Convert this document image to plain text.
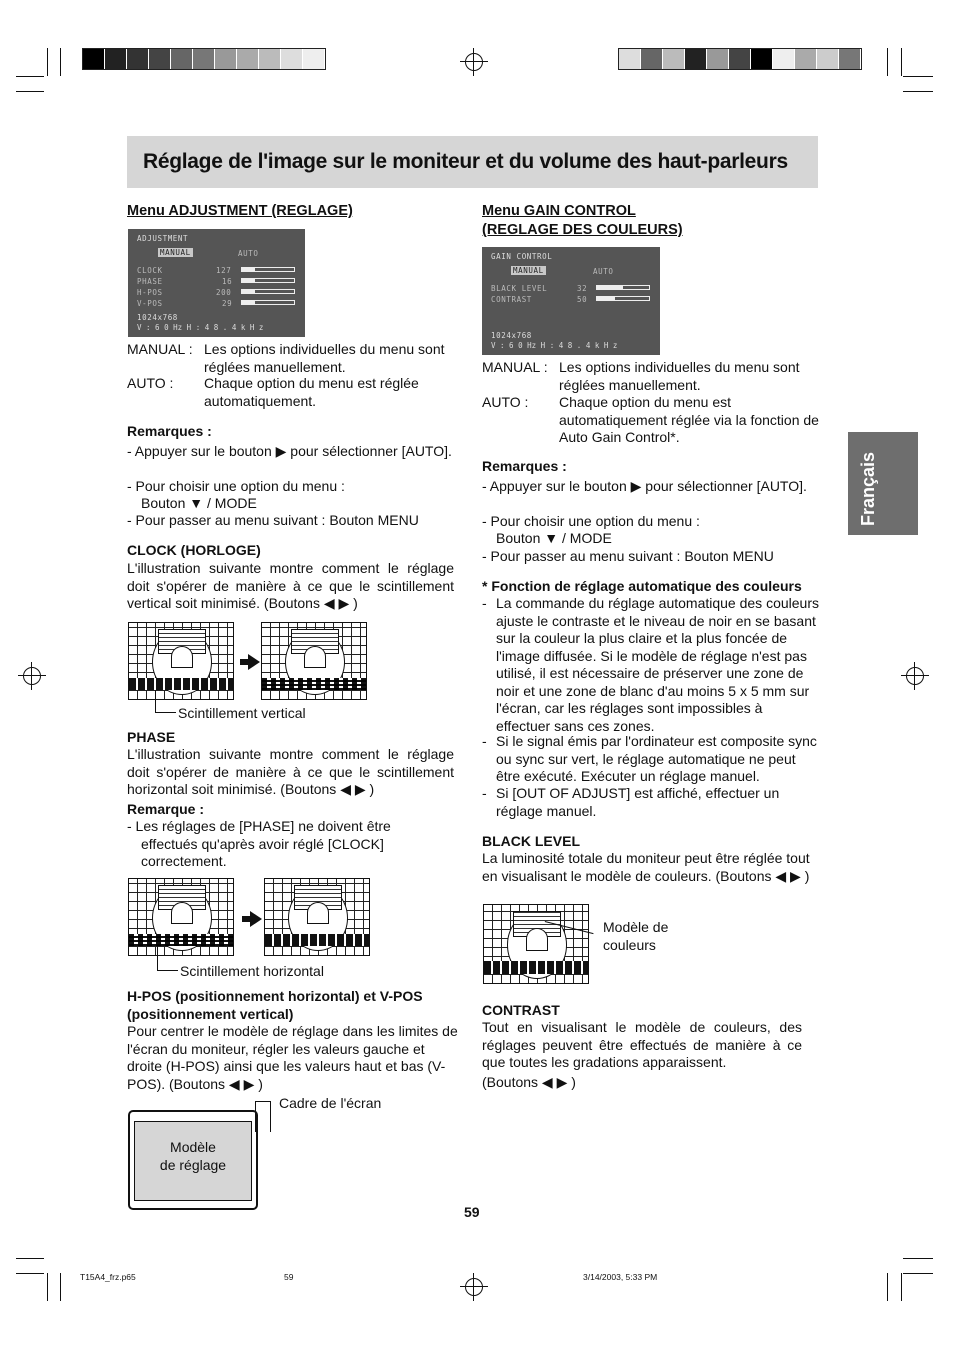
Réglage de l'image sur le moniteur et du volume des haut-parleurs
Français
Menu ADJUSTMENT (REGLAGE)
ADJUSTMENT
MANUAL	AUTO
CLOCK	127
PHASE	16
H-POS	200
V-POS	29
1024x768
V : 6 0 Hz H : 4 8 . 4 k H z
MANUAL : Les options individuelles du menu sont réglées manuellement.
AUTO : Chaque option du menu est réglée automatiquement.
Remarques :
- Appuyer sur le bouton ▶ pour sélectionner [AUTO].
- Pour choisir une option du menu :
Bouton ▼ / MODE
- Pour passer au menu suivant : Bouton MENU
CLOCK (HORLOGE)
L'illustration suivante montre comment le réglage doit s'opérer de manière à ce que le scintillement vertical soit minimisé. (Boutons ◀ ▶ )
Scintillement vertical
PHASE
L'illustration suivante montre comment le réglage doit s'opérer de manière à ce que le scintillement horizontal soit minimisé. (Boutons ◀ ▶ )
Remarque :
- Les réglages de [PHASE] ne doivent être effectués qu'après avoir réglé [CLOCK] correctement.
Scintillement horizontal
H-POS (positionnement horizontal) et V-POS (positionnement vertical)
Pour centrer le modèle de réglage dans les limites de l'écran du moniteur, régler les valeurs gauche et droite (H-POS) ainsi que les valeurs haut et bas (V-POS). (Boutons ◀ ▶ )
Modèle
de réglage
Cadre de l'écran
Menu GAIN CONTROL
(REGLAGE DES COULEURS)
GAIN CONTROL
MANUAL	AUTO
BLACK LEVEL	32
CONTRAST	50
1024x768
V : 6 0 Hz H : 4 8 . 4 k H z
MANUAL : Les options individuelles du menu sont réglées manuellement.
AUTO : Chaque option du menu est automatiquement réglée via la fonction de Auto Gain Control*.
Remarques :
- Appuyer sur le bouton ▶ pour sélectionner [AUTO].
- Pour choisir une option du menu :
Bouton ▼ / MODE
- Pour passer au menu suivant : Bouton MENU
* Fonction de réglage automatique des couleurs
- La commande du réglage automatique des couleurs ajuste le contraste et le niveau de noir en se basant sur la couleur la plus claire et la plus foncée de l'image diffusée. Si le modèle de réglage n'est pas utilisé, il est nécessaire de préserver une zone de noir et une zone de blanc d'au moins 5 x 5 mm sur l'écran, car les réglages sont impossibles à effectuer sans ces zones.
- Si le signal émis par l'ordinateur est composite sync ou sync sur vert, le réglage automatique ne peut être exécuté. Exécuter un réglage manuel.
- Si [OUT OF ADJUST] est affiché, effectuer un réglage manuel.
BLACK LEVEL
La luminosité totale du moniteur peut être réglée tout en visualisant le modèle de couleurs. (Boutons ◀ ▶ )
Modèle de couleurs
CONTRAST
Tout en visualisant le modèle de couleurs, des réglages peuvent être effectués de manière à ce que toutes les gradations apparaissent.
(Boutons ◀ ▶ )
59
T15A4_frz.p65	59	3/14/2003, 5:33 PM
